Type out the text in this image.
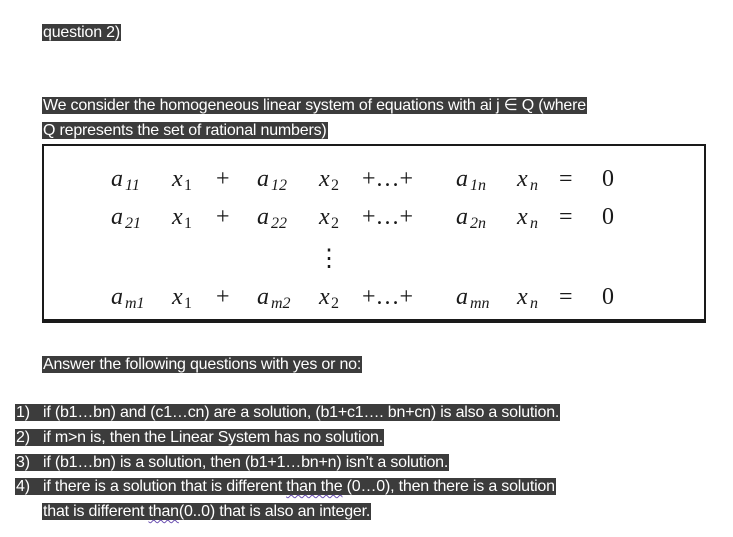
question 2)
We consider the homogeneous linear system of equations with ai j ∈ Q (where
Q represents the set of rational numbers)
a 11 x 1 + a 12 x 2 +…+ a 1n x n = 0
a 21 x 1 + a 22 x 2 +…+ a 2n x n = 0
⋮
a m1 x 1 + a m2 x 2 +…+ a mn x n = 0
Answer the following questions with yes or no:
1) if (b1…bn) and (c1…cn) are a solution, (b1+c1…. bn+cn) is also a solution.
2) if m>n is, then the Linear System has no solution.
3) if (b1…bn) is a solution, then (b1+1…bn+n) isn’t a solution.
4) if there is a solution that is different than the (0…0), then there is a solution
that is different than(0..0) that is also an integer.
